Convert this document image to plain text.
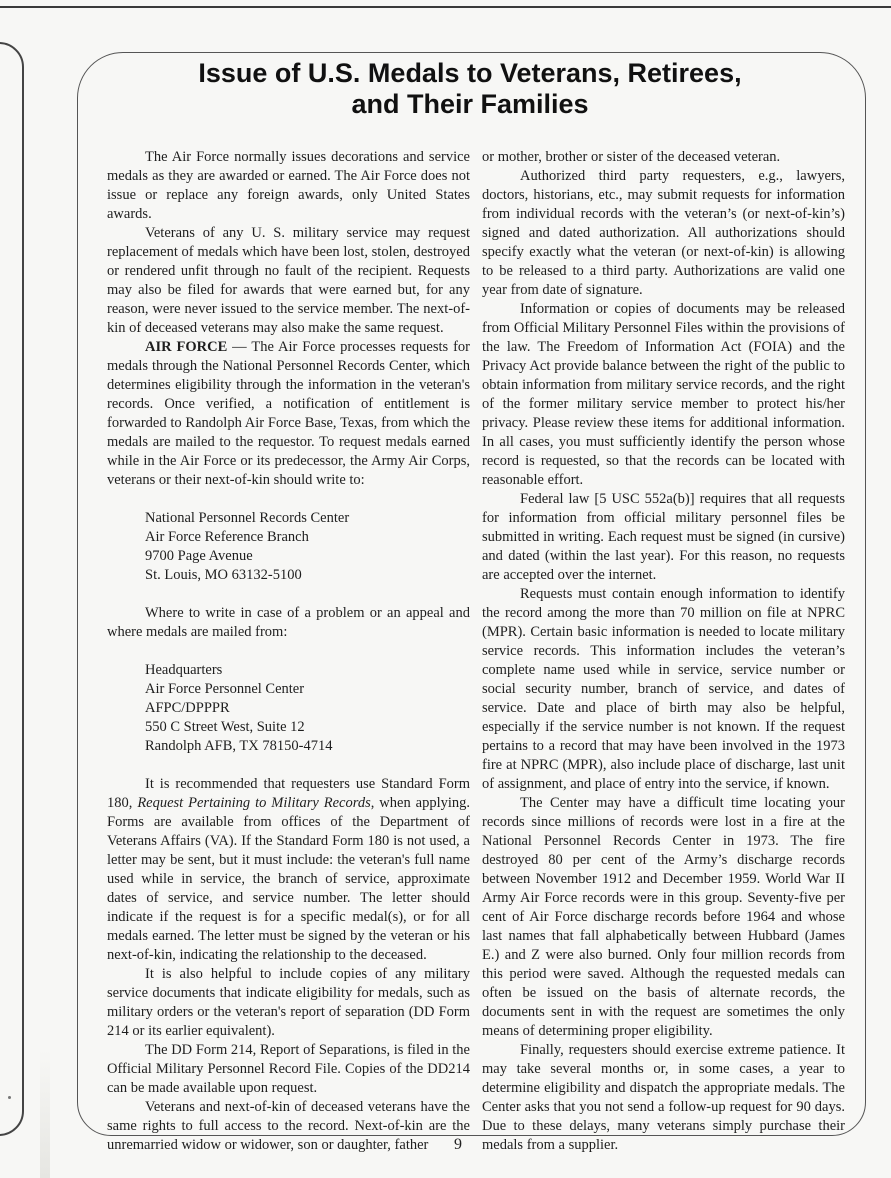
Issue of U.S. Medals to Veterans, Retirees,
and Their Families

The Air Force normally issues decorations and service medals as they are awarded or earned. The Air Force does not issue or replace any foreign awards, only United States awards.

Veterans of any U. S. military service may request replacement of medals which have been lost, stolen, destroyed or rendered unfit through no fault of the recipient. Requests may also be filed for awards that were earned but, for any reason, were never issued to the service member. The next-of-kin of deceased veterans may also make the same request.

AIR FORCE — The Air Force processes requests for medals through the National Personnel Records Center, which determines eligibility through the information in the veteran's records. Once verified, a notification of entitlement is forwarded to Randolph Air Force Base, Texas, from which the medals are mailed to the requestor. To request medals earned while in the Air Force or its predecessor, the Army Air Corps, veterans or their next-of-kin should write to:

National Personnel Records Center
Air Force Reference Branch
9700 Page Avenue
St. Louis, MO 63132-5100

Where to write in case of a problem or an appeal and where medals are mailed from:

Headquarters
Air Force Personnel Center
AFPC/DPPPR
550 C Street West, Suite 12
Randolph AFB, TX 78150-4714

It is recommended that requesters use Standard Form 180, Request Pertaining to Military Records, when applying. Forms are available from offices of the Department of Veterans Affairs (VA). If the Standard Form 180 is not used, a letter may be sent, but it must include: the veteran's full name used while in service, the branch of service, approximate dates of service, and service number. The letter should indicate if the request is for a specific medal(s), or for all medals earned. The letter must be signed by the veteran or his next-of-kin, indicating the relationship to the deceased.

It is also helpful to include copies of any military service documents that indicate eligibility for medals, such as military orders or the veteran's report of separation (DD Form 214 or its earlier equivalent).

The DD Form 214, Report of Separations, is filed in the Official Military Personnel Record File. Copies of the DD214 can be made available upon request.

Veterans and next-of-kin of deceased veterans have the same rights to full access to the record. Next-of-kin are the unremarried widow or widower, son or daughter, father

or mother, brother or sister of the deceased veteran.

Authorized third party requesters, e.g., lawyers, doctors, historians, etc., may submit requests for information from individual records with the veteran’s (or next-of-kin’s) signed and dated authorization. All authorizations should specify exactly what the veteran (or next-of-kin) is allowing to be released to a third party. Authorizations are valid one year from date of signature.

Information or copies of documents may be released from Official Military Personnel Files within the provisions of the law. The Freedom of Information Act (FOIA) and the Privacy Act provide balance between the right of the public to obtain information from military service records, and the right of the former military service member to protect his/her privacy. Please review these items for additional information. In all cases, you must sufficiently identify the person whose record is requested, so that the records can be located with reasonable effort.

Federal law [5 USC 552a(b)] requires that all requests for information from official military personnel files be submitted in writing. Each request must be signed (in cursive) and dated (within the last year). For this reason, no requests are accepted over the internet.

Requests must contain enough information to identify the record among the more than 70 million on file at NPRC (MPR). Certain basic information is needed to locate military service records. This information includes the veteran’s complete name used while in service, service number or social security number, branch of service, and dates of service. Date and place of birth may also be helpful, especially if the service number is not known. If the request pertains to a record that may have been involved in the 1973 fire at NPRC (MPR), also include place of discharge, last unit of assignment, and place of entry into the service, if known.

The Center may have a difficult time locating your records since millions of records were lost in a fire at the National Personnel Records Center in 1973. The fire destroyed 80 per cent of the Army’s discharge records between November 1912 and December 1959. World War II Army Air Force records were in this group. Seventy-five per cent of Air Force discharge records before 1964 and whose last names that fall alphabetically between Hubbard (James E.) and Z were also burned. Only four million records from this period were saved. Although the requested medals can often be issued on the basis of alternate records, the documents sent in with the request are sometimes the only means of determining proper eligibility.

Finally, requesters should exercise extreme patience. It may take several months or, in some cases, a year to determine eligibility and dispatch the appropriate medals. The Center asks that you not send a follow-up request for 90 days. Due to these delays, many veterans simply purchase their medals from a supplier.

9
